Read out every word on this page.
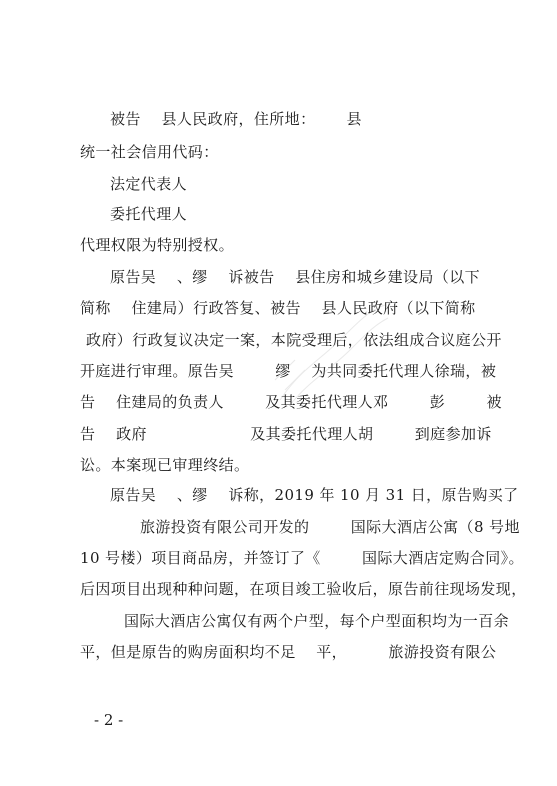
被告    县人民政府，住所地：      县
统一社会信用代码：
法定代表人
委托代理人
代理权限为特别授权。
原告吴    、缪    诉被告    县住房和城乡建设局（以下
简称    住建局）行政答复、被告    县人民政府（以下简称
政府）行政复议决定一案，本院受理后，依法组成合议庭公开
开庭进行审理。原告吴        缪    为共同委托代理人徐瑞，被
告    住建局的负责人        及其委托代理人邓        彭        被
告    政府                    及其委托代理人胡        到庭参加诉
讼。本案现已审理终结。
原告吴    、缪    诉称，2019 年 10 月 31 日，原告购买了
旅游投资有限公司开发的        国际大酒店公寓（8 号地
10 号楼）项目商品房，并签订了《        国际大酒店定购合同》。
后因项目出现种种问题，在项目竣工验收后，原告前往现场发现，
国际大酒店公寓仅有两个户型，每个户型面积均为一百余
平，但是原告的购房面积均不足    平，        旅游投资有限公
- 2 -
